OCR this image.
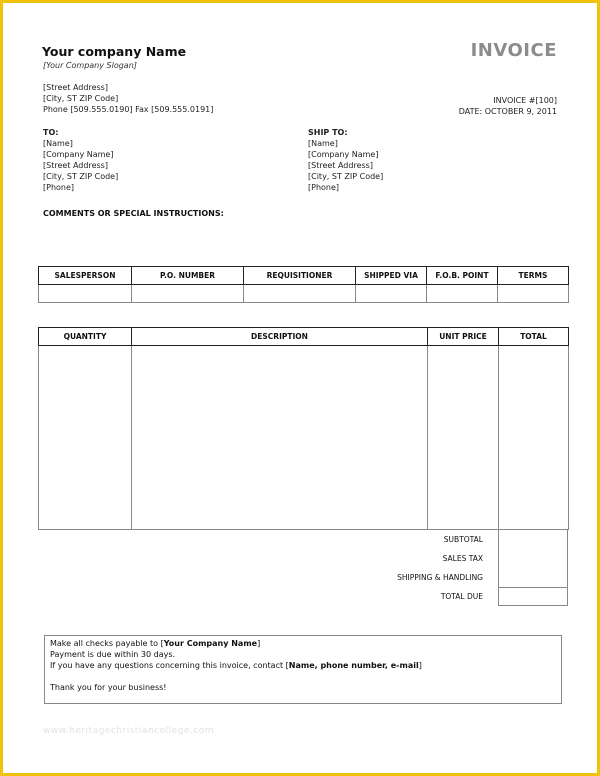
Your company Name
[Your Company Slogan]
INVOICE
[Street Address]
[City, ST ZIP Code]
Phone [509.555.0190] Fax [509.555.0191]
INVOICE #[100]
DATE: OCTOBER 9, 2011
TO:
[Name]
[Company Name]
[Street Address]
[City, ST ZIP Code]
[Phone]
SHIP TO:
[Name]
[Company Name]
[Street Address]
[City, ST ZIP Code]
[Phone]
COMMENTS OR SPECIAL INSTRUCTIONS:
SALESPERSON	P.O. NUMBER	REQUISITIONER	SHIPPED VIA	F.O.B. POINT	TERMS

QUANTITY	DESCRIPTION	UNIT PRICE	TOTAL

SUBTOTAL
SALES TAX
SHIPPING & HANDLING
TOTAL DUE
Make all checks payable to [Your Company Name]
Payment is due within 30 days.
If you have any questions concerning this invoice, contact [Name, phone number, e-mail]
Thank you for your business!
www.heritagechristiancollege.com
